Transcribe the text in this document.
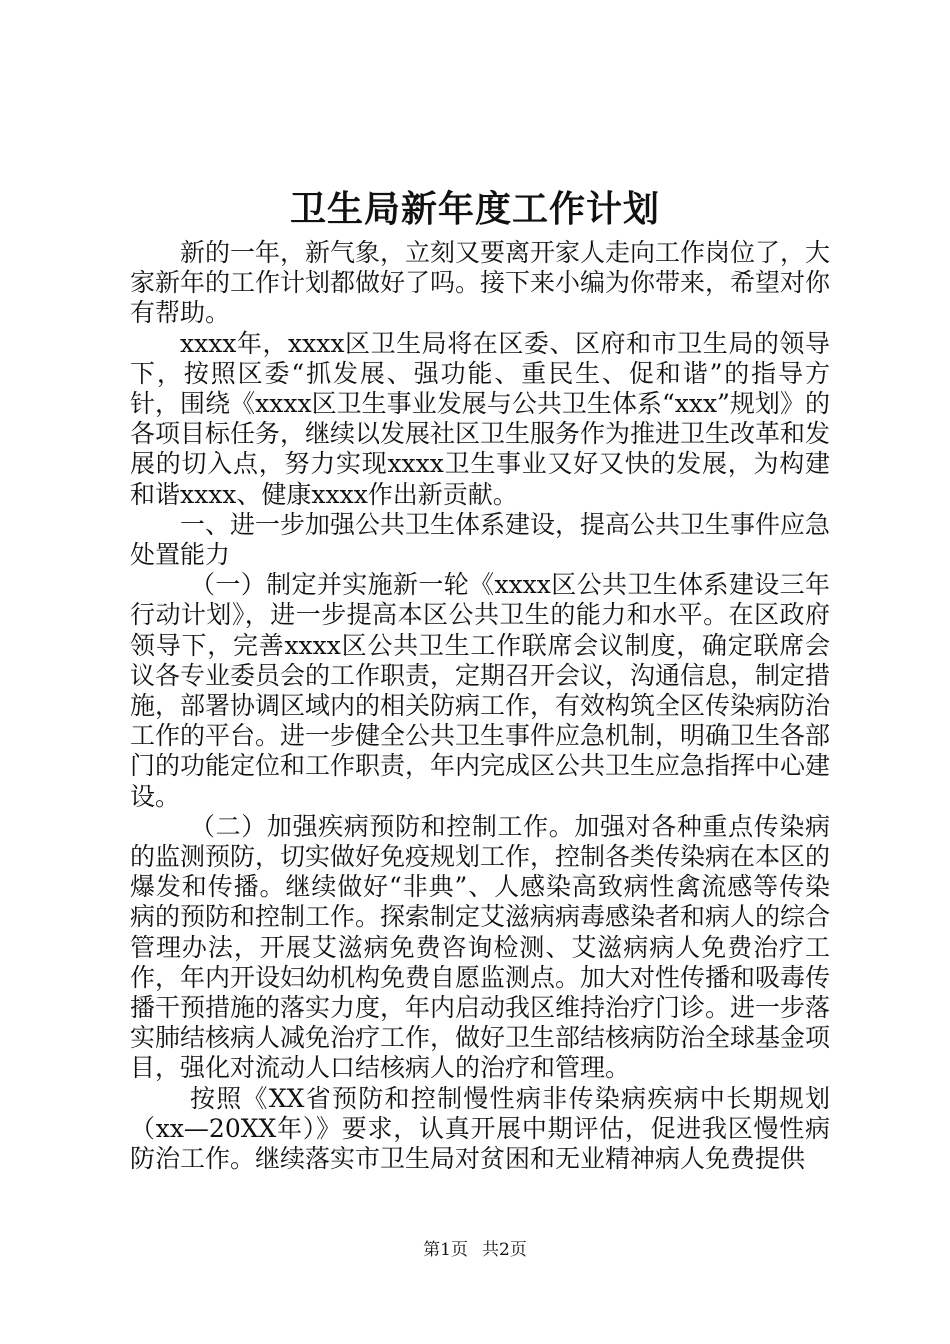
卫生局新年度工作计划

新的一年，新气象，立刻又要离开家人走向工作岗位了，大家新年的工作计划都做好了吗。接下来小编为你带来，希望对你有帮助。

xxxx年，xxxx区卫生局将在区委、区府和市卫生局的领导下，按照区委“抓发展、强功能、重民生、促和谐”的指导方针，围绕《xxxx区卫生事业发展与公共卫生体系“xxx”规划》的各项目标任务，继续以发展社区卫生服务作为推进卫生改革和发展的切入点，努力实现xxxx卫生事业又好又快的发展，为构建和谐xxxx、健康xxxx作出新贡献。

一、进一步加强公共卫生体系建设，提高公共卫生事件应急处置能力

（一）制定并实施新一轮《xxxx区公共卫生体系建设三年行动计划》，进一步提高本区公共卫生的能力和水平。在区政府领导下，完善xxxx区公共卫生工作联席会议制度，确定联席会议各专业委员会的工作职责，定期召开会议，沟通信息，制定措施，部署协调区域内的相关防病工作，有效构筑全区传染病防治工作的平台。进一步健全公共卫生事件应急机制，明确卫生各部门的功能定位和工作职责，年内完成区公共卫生应急指挥中心建设。

（二）加强疾病预防和控制工作。加强对各种重点传染病的监测预防，切实做好免疫规划工作，控制各类传染病在本区的爆发和传播。继续做好“非典”、人感染高致病性禽流感等传染病的预防和控制工作。探索制定艾滋病病毒感染者和病人的综合管理办法，开展艾滋病免费咨询检测、艾滋病病人免费治疗工作，年内开设妇幼机构免费自愿监测点。加大对性传播和吸毒传播干预措施的落实力度，年内启动我区维持治疗门诊。进一步落实肺结核病人减免治疗工作，做好卫生部结核病防治全球基金项目，强化对流动人口结核病人的治疗和管理。

按照《XX省预防和控制慢性病非传染病疾病中长期规划（xx—20XX年）》要求，认真开展中期评估，促进我区慢性病防治工作。继续落实市卫生局对贫困和无业精神病人免费提供

第1页 共2页
